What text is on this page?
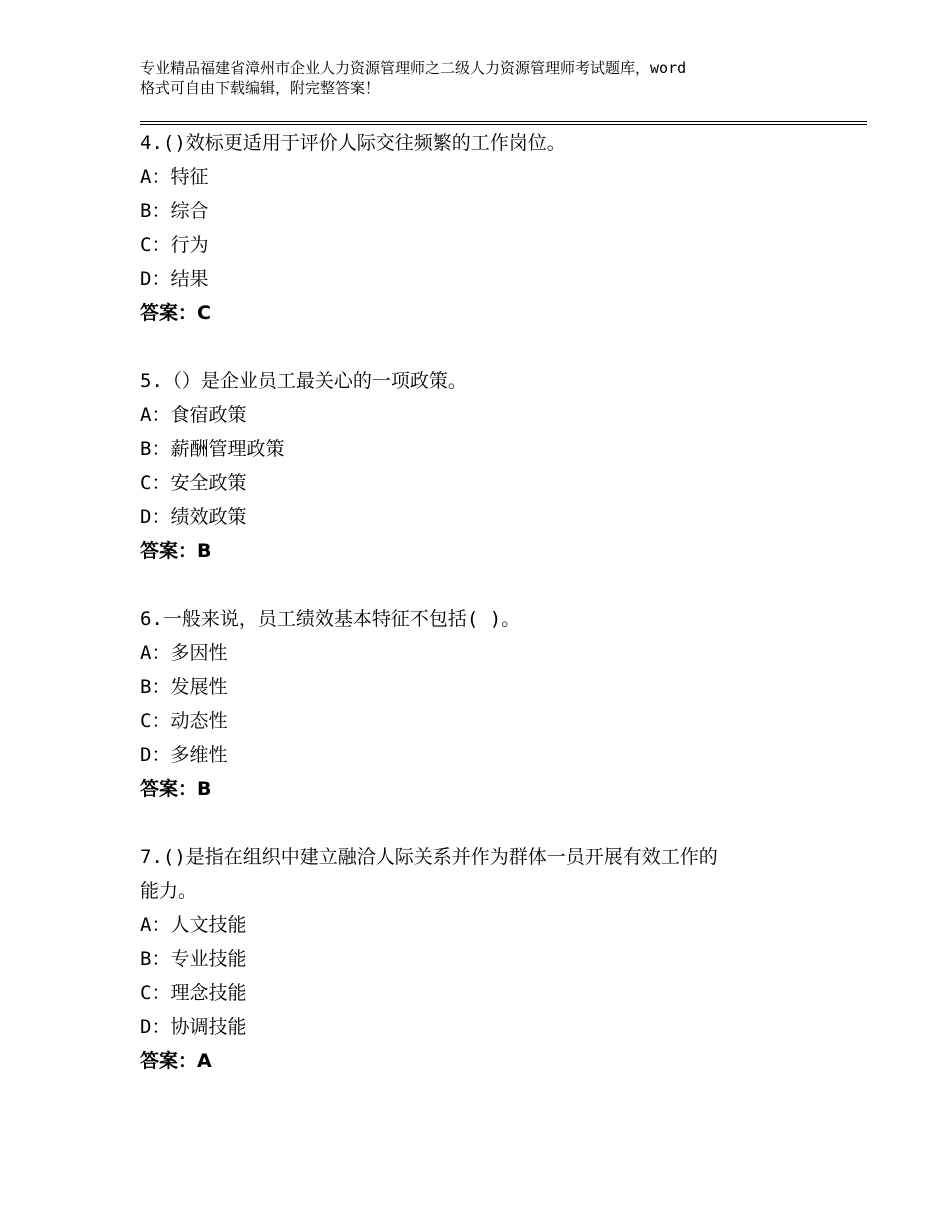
专业精品福建省漳州市企业人力资源管理师之二级人力资源管理师考试题库，word
格式可自由下载编辑，附完整答案！
4.()效标更适用于评价人际交往频繁的工作岗位。
A：特征
B：综合
C：行为
D：结果
答案：C
5.（）是企业员工最关心的一项政策。
A：食宿政策
B：薪酬管理政策
C：安全政策
D：绩效政策
答案：B
6.一般来说，员工绩效基本特征不包括( )。
A：多因性
B：发展性
C：动态性
D：多维性
答案：B
7.()是指在组织中建立融洽人际关系并作为群体一员开展有效工作的
能力。
A：人文技能
B：专业技能
C：理念技能
D：协调技能
答案：A
